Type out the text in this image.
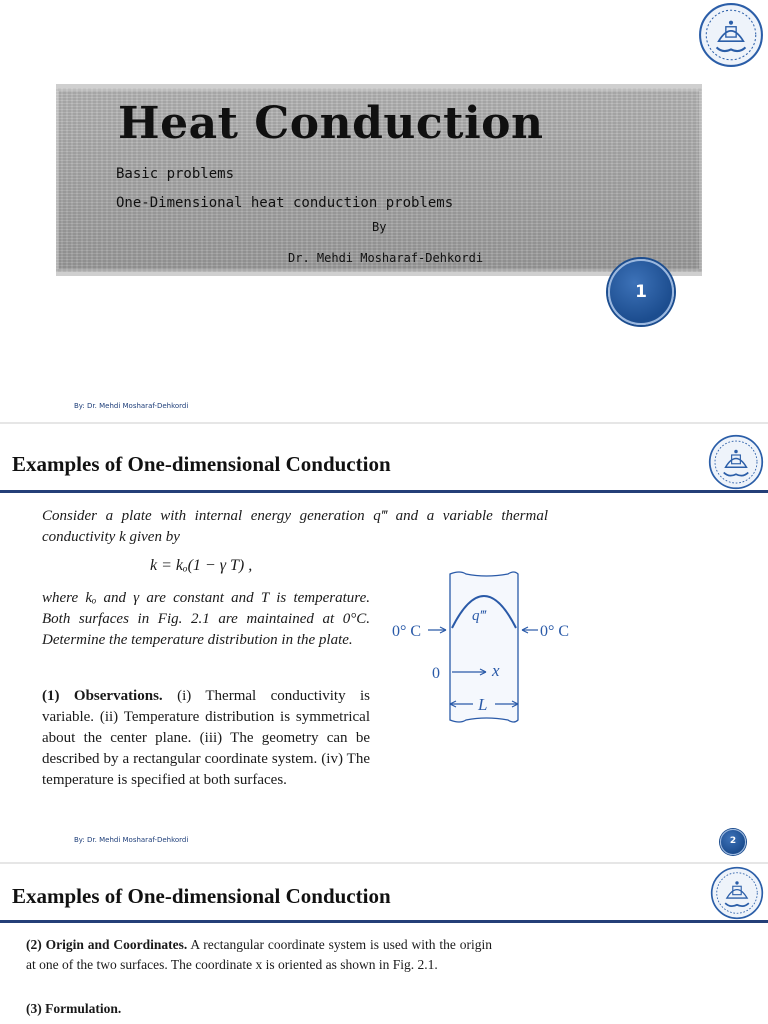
Heat Conduction
Basic problems
One-Dimensional heat conduction problems
By
Dr. Mehdi Mosharaf-Dehkordi
1
By: Dr. Mehdi Mosharaf-Dehkordi
Examples of One-dimensional Conduction
Consider a plate with internal energy generation q‴ and a variable thermal conductivity k given by
k = kₒ(1 − γ T) ,
where kₒ and γ are constant and T is temperature. Both surfaces in Fig. 2.1 are maintained at 0°C. Determine the temperature distribution in the plate.
(1) Observations. (i) Thermal conductivity is variable. (ii) Temperature distribution is symmetrical about the center plane. (iii) The geometry can be described by a rectangular coordinate system. (iv) The temperature is specified at both surfaces.
0° C	0° C
q‴
0	x
L
By: Dr. Mehdi Mosharaf-Dehkordi	2
Examples of One-dimensional Conduction
(2) Origin and Coordinates. A rectangular coordinate system is used with the origin at one of the two surfaces. The coordinate x is oriented as shown in Fig. 2.1.
(3) Formulation.
